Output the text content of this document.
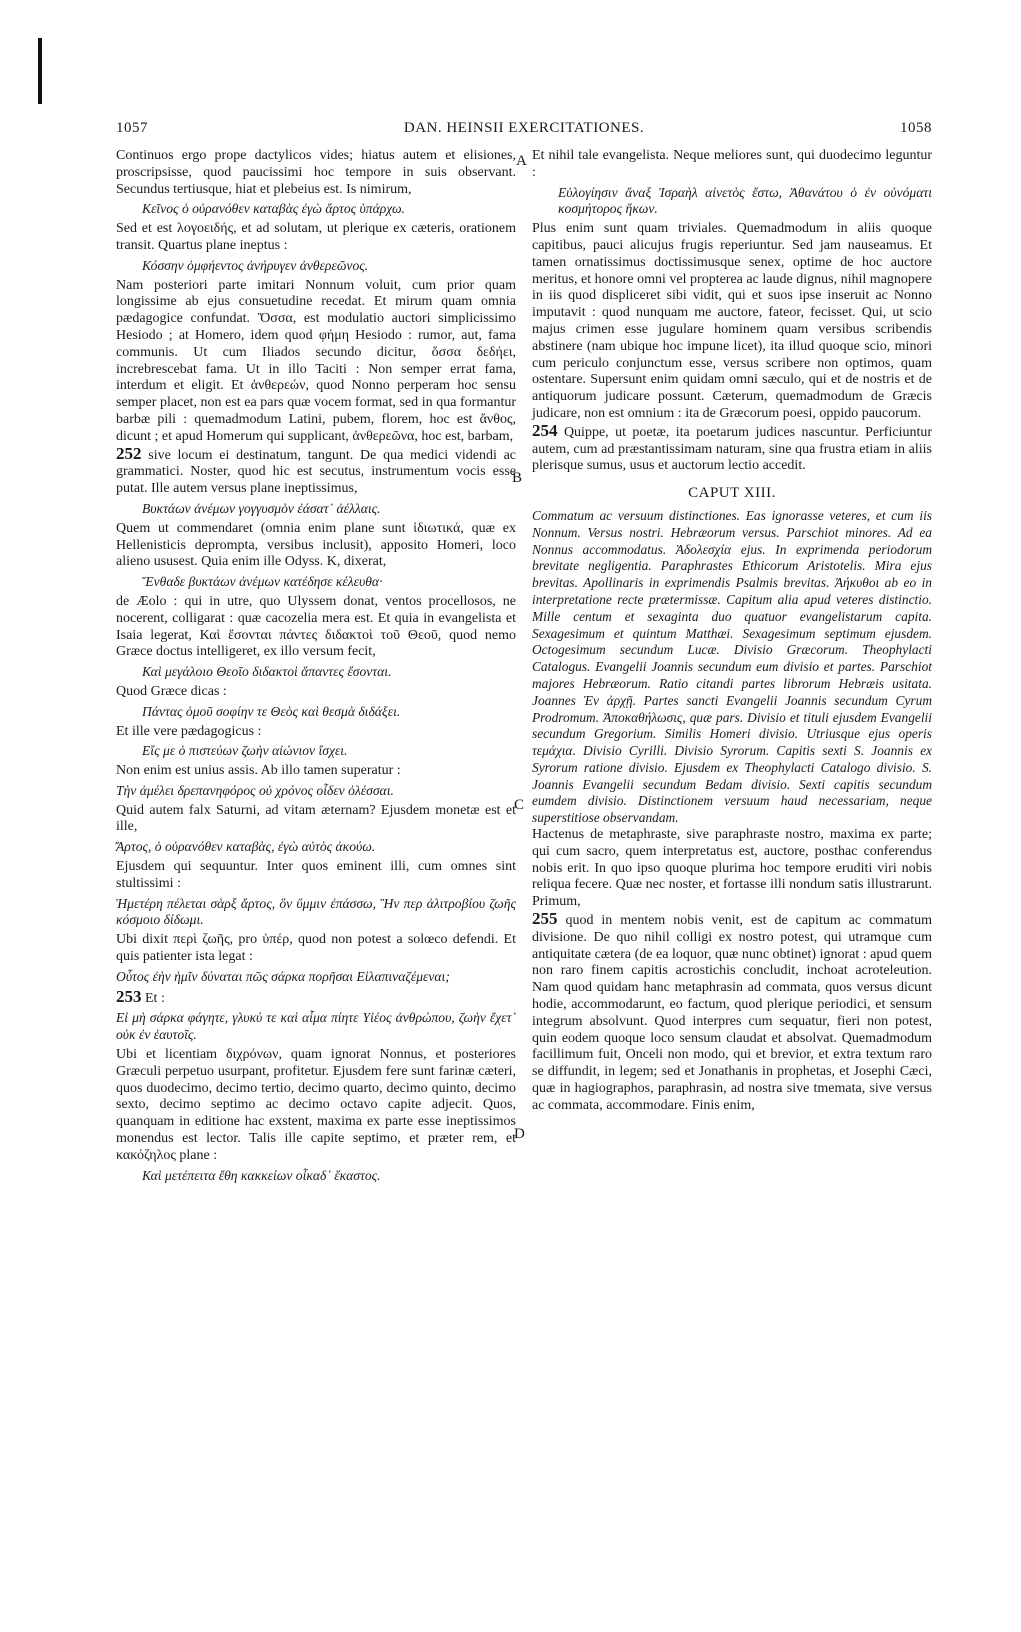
1057	DAN. HEINSII EXERCITATIONES.	1058
A
B
C
D

Continuos ergo prope dactylicos vides; hiatus autem et elisiones, proscripsisse, quod paucissimi hoc tempore in suis observant. Secundus tertiusque, hiat et plebeius est. Is nimirum,

Κεῖνος ὁ οὐρανόθεν καταβὰς ἐγὼ ἄρτος ὑπάρχω.

Sed et est λογοειδής, et ad solutam, ut plerique ex cæteris, orationem transit. Quartus plane ineptus :

Κόσσην ὀμφήεντος ἀνήρυγεν ἀνθερεῶνος.

Nam posteriori parte imitari Nonnum voluit, cum prior quam longissime ab ejus consuetudine recedat. Et mirum quam omnia pædagogice confundat. Ὄσσα, est modulatio auctori simplicissimo Hesiodo ; at Homero, idem quod φήμη Hesiodo : rumor, aut, fama communis. Ut cum Iliados secundo dicitur, ὄσσα δεδήει, increbrescebat fama. Ut in illo Taciti : Non semper errat fama, interdum et eligit. Et ἀνθερεών, quod Nonno perperam hoc sensu semper placet, non est ea pars quæ vocem format, sed in qua formantur barbæ pili : quemadmodum Latini, pubem, florem, hoc est ἄνθος, dicunt ; et apud Homerum qui supplicant, ἀνθερεῶνα, hoc est, barbam,

252 sive locum ei destinatum, tangunt. De qua medici videndi ac grammatici. Noster, quod hic est secutus, instrumentum vocis esse putat. Ille autem versus plane ineptissimus,

Βυκτάων ἀνέμων γογγυσμὸν ἐάσατ᾽ ἀέλλαις.

Quem ut commendaret (omnia enim plane sunt ἰδιωτικά, quæ ex Hellenisticis deprompta, versibus inclusit), apposito Homeri, loco alieno ususest. Quia enim ille Odyss. K, dixerat,

Ἔνθαδε βυκτάων ἀνέμων κατέδησε κέλευθα·

de Æolo : qui in utre, quo Ulyssem donat, ventos procellosos, ne nocerent, colligarat : quæ cacozelia mera est. Et quia in evangelista et Isaia legerat, Καὶ ἔσονται πάντες διδακτοὶ τοῦ Θεοῦ, quod nemo Græce doctus intelligeret, ex illo versum fecit,

Καὶ μεγάλοιο Θεοῖο διδακτοὶ ἅπαντες ἔσονται.

Quod Græce dicas :

Πάντας ὁμοῦ σοφίην τε Θεὸς καὶ θεσμὰ διδάξει.

Et ille vere pædagogicus :

Εἴς με ὁ πιστεύων ζωὴν αἰώνιον ἴσχει.

Non enim est unius assis. Ab illo tamen superatur :

Τὴν ἀμέλει δρεπανηφόρος οὐ χρόνος οἶδεν ὀλέσσαι.

Quid autem falx Saturni, ad vitam æternam? Ejusdem monetæ est et ille,

Ἄρτος, ὁ οὐρανόθεν καταβὰς, ἐγὼ αὐτὸς ἀκούω.

Ejusdem qui sequuntur. Inter quos eminent illi, cum omnes sint stultissimi :

Ἡμετέρη πέλεται σὰρξ ἄρτος, ὃν ὔμμιν ἐπάσσω, Ἣν περ ἀλιτροβίου ζωῆς κόσμοιο δίδωμι.

Ubi dixit περὶ ζωῆς, pro ὑπέρ, quod non potest a solœco defendi. Et quis patienter ista legat :

Οὗτος ἐὴν ἡμῖν δύναται πῶς σάρκα πορῆσαι Εἰλαπιναζέμεναι;

253 Et :

Εἰ μὴ σάρκα φάγητε, γλυκύ τε καὶ αἷμα πίητε Υἱέος ἀνθρώπου, ζωὴν ἔχετ᾽ οὐκ ἐν ἑαυτοῖς.

Ubi et licentiam διχρόνων, quam ignorat Nonnus, et posteriores Græculi perpetuo usurpant, profitetur. Ejusdem fere sunt farinæ cæteri, quos duodecimo, decimo tertio, decimo quarto, decimo quinto, decimo sexto, decimo septimo ac decimo octavo capite adjecit. Quos, quanquam in editione hac exstent, maxima ex parte esse ineptissimos monendus est lector. Talis ille capite septimo, et præter rem, et κακόζηλος plane :

Καὶ μετέπειτα ἔθη κακκείων οἶκαδ᾽ ἕκαστος.

Et nihil tale evangelista. Neque meliores sunt, qui duodecimo leguntur :

Εὐλογίησιν ἄναξ Ἰσραὴλ αἰνετὸς ἔστω, Ἀθανάτου ὁ ἐν οὐνόματι κοσμήτορος ἥκων.

Plus enim sunt quam triviales. Quemadmodum in aliis quoque capitibus, pauci alicujus frugis reperiuntur. Sed jam nauseamus. Et tamen ornatissimus doctissimusque senex, optime de hoc auctore meritus, et honore omni vel propterea ac laude dignus, nihil magnopere in iis quod displiceret sibi vidit, qui et suos ipse inseruit ac Nonno imputavit : quod nunquam me auctore, fateor, fecisset. Qui, ut scio majus crimen esse jugulare hominem quam versibus scribendis abstinere (nam ubique hoc impune licet), ita illud quoque scio, minori cum periculo conjunctum esse, versus scribere non optimos, quam ostentare. Supersunt enim quidam omni sæculo, qui et de nostris et de antiquorum judicare possunt. Cæterum, quemadmodum de Græcis judicare, non est omnium : ita de Græcorum poesi, oppido paucorum.

254 Quippe, ut poetæ, ita poetarum judices nascuntur. Perficiuntur autem, cum ad præstantissimam naturam, sine qua frustra etiam in aliis plerisque sumus, usus et auctorum lectio accedit.

CAPUT XIII.

Commatum ac versuum distinctiones. Eas ignorasse veteres, et cum iis Nonnum. Versus nostri. Hebræorum versus. Parschiot minores. Ad ea Nonnus accommodatus. Ἀδολεσχία ejus. In exprimenda periodorum brevitate negligentia. Paraphrastes Ethicorum Aristotelis. Mira ejus brevitas. Apollinaris in exprimendis Psalmis brevitas. Ἀήκυθοι ab eo in interpretatione recte prætermissæ. Capitum alia apud veteres distinctio. Mille centum et sexaginta duo quatuor evangelistarum capita. Sexagesimum et quintum Matthæi. Sexagesimum septimum ejusdem. Octogesimum secundum Lucæ. Divisio Græcorum. Theophylacti Catalogus. Evangelii Joannis secundum eum divisio et partes. Parschiot majores Hebræorum. Ratio citandi partes librorum Hebræis usitata. Joannes Ἐν ἀρχῇ. Partes sancti Evangelii Joannis secundum Cyrum Prodromum. Ἀποκαθήλωσις, quæ pars. Divisio et tituli ejusdem Evangelii secundum Gregorium. Similis Homeri divisio. Utriusque ejus operis τεμάχια. Divisio Cyrilli. Divisio Syrorum. Capitis sexti S. Joannis ex Syrorum ratione divisio. Ejusdem ex Theophylacti Catalogo divisio. S. Joannis Evangelii secundum Bedam divisio. Sexti capitis secundum eumdem divisio. Distinctionem versuum haud necessariam, neque superstitiose observandam.

Hactenus de metaphraste, sive paraphraste nostro, maxima ex parte; qui cum sacro, quem interpretatus est, auctore, posthac conferendus nobis erit. In quo ipso quoque plurima hoc tempore eruditi viri nobis reliqua fecere. Quæ nec noster, et fortasse illi nondum satis illustrarunt. Primum,

255 quod in mentem nobis venit, est de capitum ac commatum divisione. De quo nihil colligi ex nostro potest, qui utramque cum antiquitate cætera (de ea loquor, quæ nunc obtinet) ignorat : apud quem non raro finem capitis acrostichis concludit, inchoat acroteleution. Nam quod quidam hanc metaphrasin ad commata, quos versus dicunt hodie, accommodarunt, eo factum, quod plerique periodici, et sensum integrum absolvunt. Quod interpres cum sequatur, fieri non potest, quin eodem quoque loco sensum claudat et absolvat. Quemadmodum facillimum fuit, Onceli non modo, qui et brevior, et extra textum raro se diffundit, in legem; sed et Jonathanis in prophetas, et Josephi Cæci, quæ in hagiographos, paraphrasin, ad nostra sive tmemata, sive versus ac commata, accommodare. Finis enim,
